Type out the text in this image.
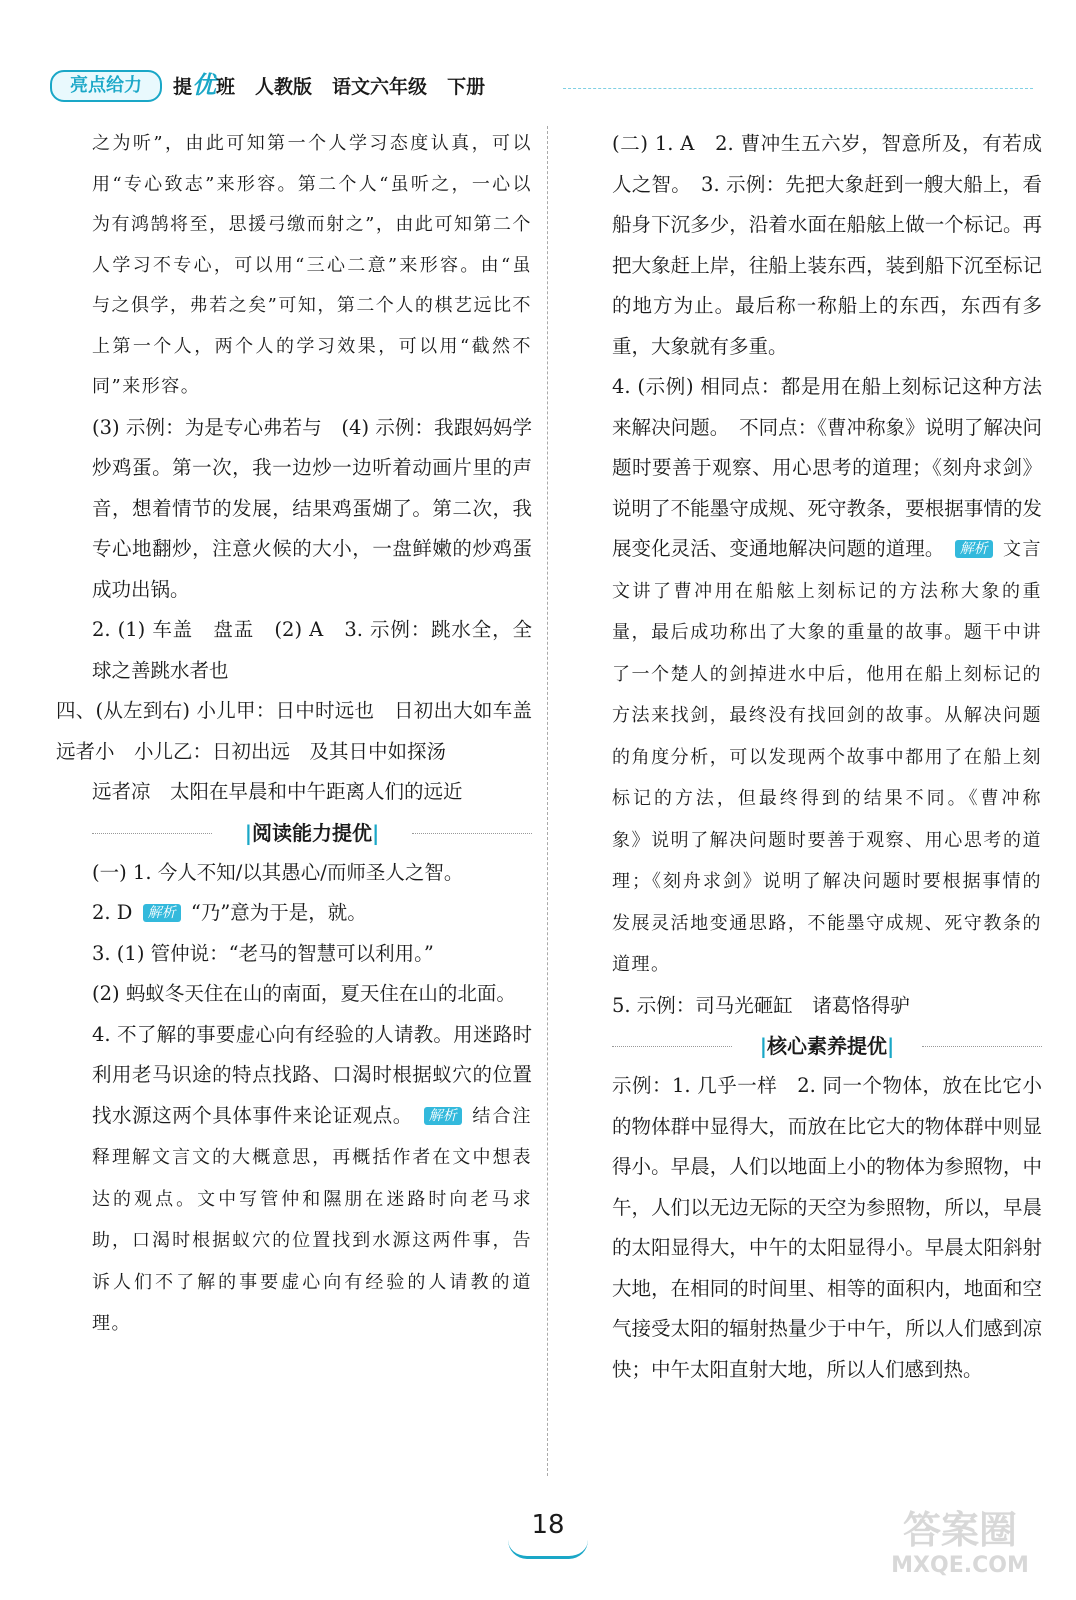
亮点给力	提优班 人教版 语文六年级 下册

之为听”，由此可知第一个人学习态度认真，可以用“专心致志”来形容。第二个人“虽听之，一心以为有鸿鹄将至，思援弓缴而射之”，由此可知第二个人学习不专心，可以用“三心二意”来形容。由“虽与之俱学，弗若之矣”可知，第二个人的棋艺远比不上第一个人，两个人的学习效果，可以用“截然不同”来形容。

(3) 示例：为是专心弗若与　(4) 示例：我跟妈妈学炒鸡蛋。第一次，我一边炒一边听着动画片里的声音，想着情节的发展，结果鸡蛋煳了。第二次，我专心地翻炒，注意火候的大小，一盘鲜嫩的炒鸡蛋成功出锅。

2. (1) 车盖　盘盂　(2) A　3. 示例：跳水全，全球之善跳水者也

四、(从左到右) 小儿甲：日中时远也　日初出大如车盖　远者小　小儿乙：日初出远　及其日中如探汤

远者凉　太阳在早晨和中午距离人们的远近

|阅读能力提优|

(一) 1. 今人不知/以其愚心/而师圣人之智。

2. D 解析 “乃”意为于是，就。

3. (1) 管仲说：“老马的智慧可以利用。”

(2) 蚂蚁冬天住在山的南面，夏天住在山的北面。

4. 不了解的事要虚心向有经验的人请教。用迷路时利用老马识途的特点找路、口渴时根据蚁穴的位置找水源这两个具体事件来论证观点。 解析 结合注释理解文言文的大概意思，再概括作者在文中想表达的观点。文中写管仲和隰朋在迷路时向老马求助，口渴时根据蚁穴的位置找到水源这两件事，告诉人们不了解的事要虚心向有经验的人请教的道理。

(二) 1. A　2. 曹冲生五六岁，智意所及，有若成人之智。　3. 示例：先把大象赶到一艘大船上，看船身下沉多少，沿着水面在船舷上做一个标记。再把大象赶上岸，往船上装东西，装到船下沉至标记的地方为止。最后称一称船上的东西，东西有多重，大象就有多重。

4. (示例) 相同点：都是用在船上刻标记这种方法来解决问题。　不同点：《曹冲称象》说明了解决问题时要善于观察、用心思考的道理；《刻舟求剑》说明了不能墨守成规、死守教条，要根据事情的发展变化灵活、变通地解决问题的道理。 解析 文言文讲了曹冲用在船舷上刻标记的方法称大象的重量，最后成功称出了大象的重量的故事。题干中讲了一个楚人的剑掉进水中后，他用在船上刻标记的方法来找剑，最终没有找回剑的故事。从解决问题的角度分析，可以发现两个故事中都用了在船上刻标记的方法，但最终得到的结果不同。《曹冲称象》说明了解决问题时要善于观察、用心思考的道理；《刻舟求剑》说明了解决问题时要根据事情的发展灵活地变通思路，不能墨守成规、死守教条的道理。

5. 示例：司马光砸缸　诸葛恪得驴

|核心素养提优|

示例：1. 几乎一样　2. 同一个物体，放在比它小的物体群中显得大，而放在比它大的物体群中则显得小。早晨，人们以地面上小的物体为参照物，中午，人们以无边无际的天空为参照物，所以，早晨的太阳显得大，中午的太阳显得小。早晨太阳斜射大地，在相同的时间里、相等的面积内，地面和空气接受太阳的辐射热量少于中午，所以人们感到凉快；中午太阳直射大地，所以人们感到热。

18	答案圈
MXQE.COM
